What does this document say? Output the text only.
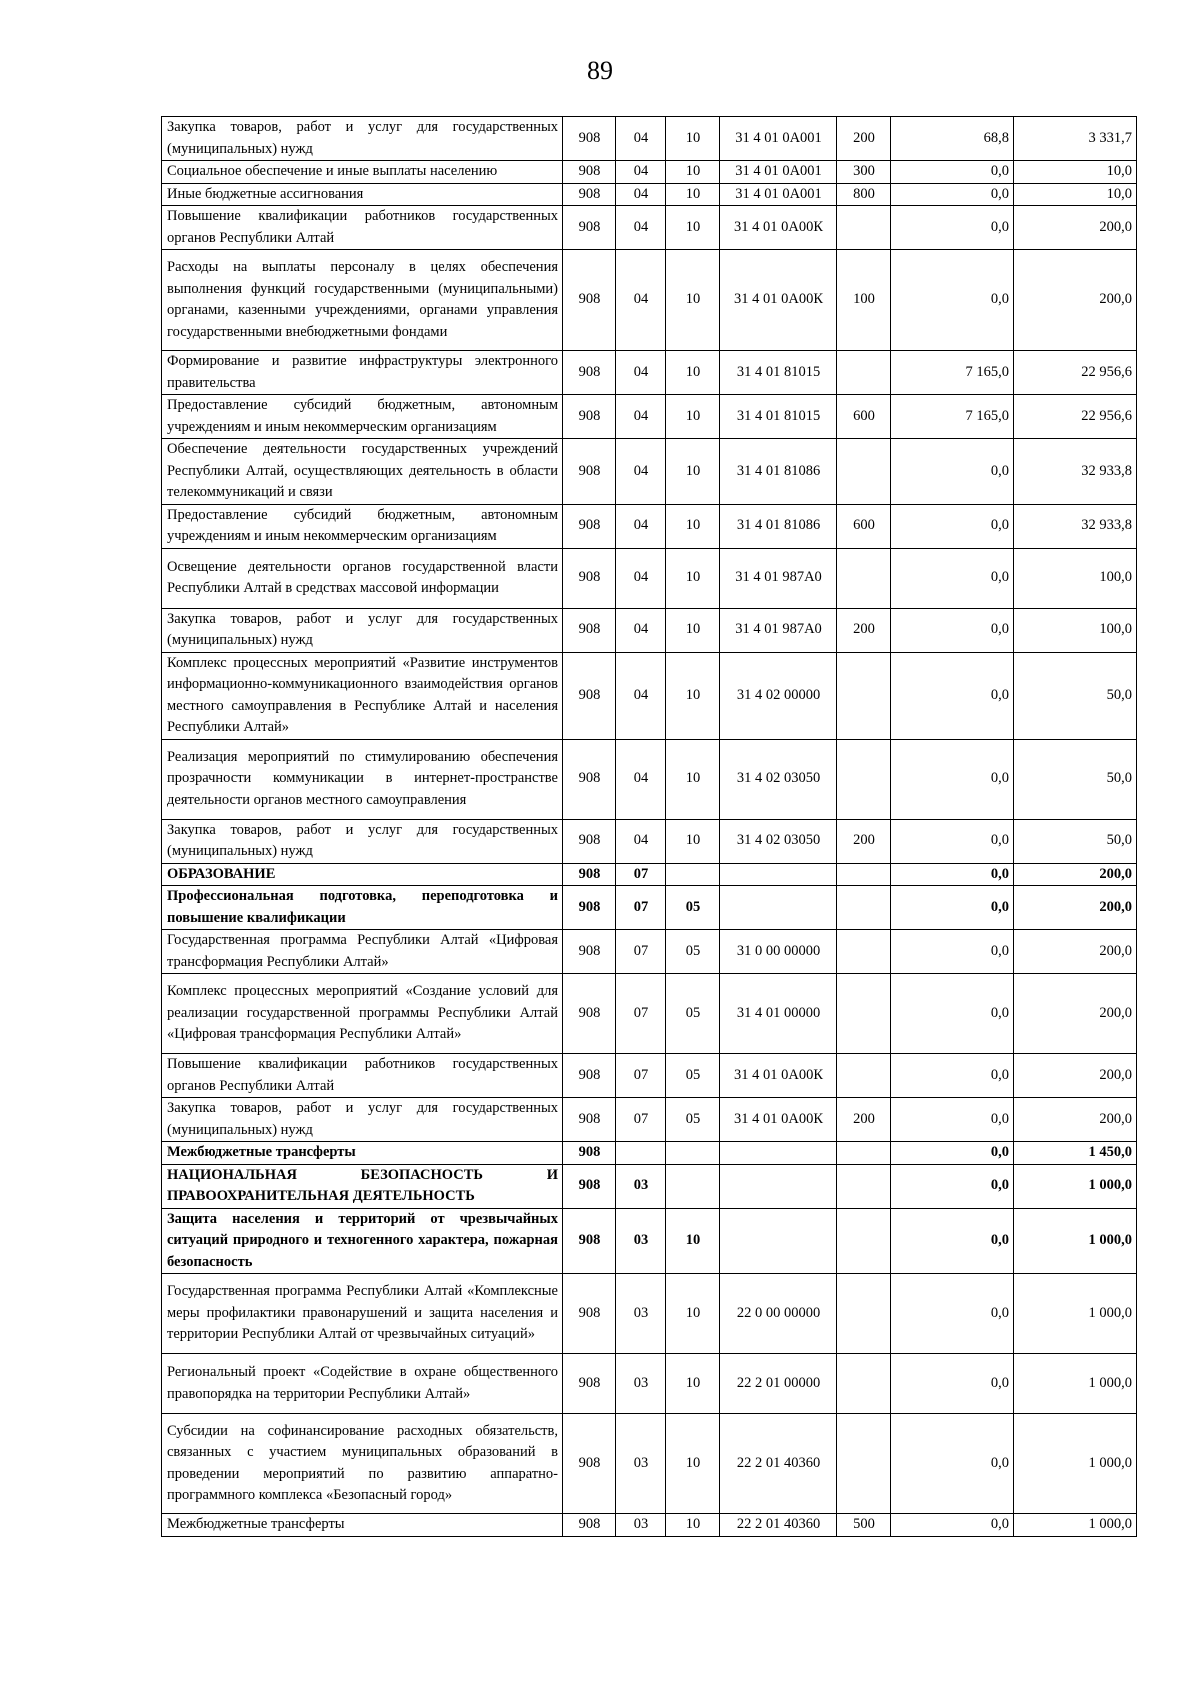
89
Закупка товаров, работ и услуг для государственных (муниципальных) нужд	908	04	10	31 4 01 0А001	200	68,8	3 331,7
Социальное обеспечение и иные выплаты населению	908	04	10	31 4 01 0А001	300	0,0	10,0
Иные бюджетные ассигнования	908	04	10	31 4 01 0А001	800	0,0	10,0
Повышение квалификации работников государственных органов Республики Алтай	908	04	10	31 4 01 0А00К		0,0	200,0
Расходы на выплаты персоналу в целях обеспечения выполнения функций государственными (муниципальными) органами, казенными учреждениями, органами управления государственными внебюджетными фондами	908	04	10	31 4 01 0А00К	100	0,0	200,0
Формирование и развитие инфраструктуры электронного правительства	908	04	10	31 4 01 81015		7 165,0	22 956,6
Предоставление субсидий бюджетным, автономным учреждениям и иным некоммерческим организациям	908	04	10	31 4 01 81015	600	7 165,0	22 956,6
Обеспечение деятельности государственных учреждений Республики Алтай, осуществляющих деятельность в области телекоммуникаций и связи	908	04	10	31 4 01 81086		0,0	32 933,8
Предоставление субсидий бюджетным, автономным учреждениям и иным некоммерческим организациям	908	04	10	31 4 01 81086	600	0,0	32 933,8
Освещение деятельности органов государственной власти Республики Алтай в средствах массовой информации	908	04	10	31 4 01 987А0		0,0	100,0
Закупка товаров, работ и услуг для государственных (муниципальных) нужд	908	04	10	31 4 01 987А0	200	0,0	100,0
Комплекс процессных мероприятий «Развитие инструментов информационно-коммуникационного взаимодействия органов местного самоуправления в Республике Алтай и населения Республики Алтай»	908	04	10	31 4 02 00000		0,0	50,0
Реализация мероприятий по стимулированию обеспечения прозрачности коммуникации в интернет-пространстве деятельности органов местного самоуправления	908	04	10	31 4 02 03050		0,0	50,0
Закупка товаров, работ и услуг для государственных (муниципальных) нужд	908	04	10	31 4 02 03050	200	0,0	50,0
ОБРАЗОВАНИЕ	908	07				0,0	200,0
Профессиональная подготовка, переподготовка и повышение квалификации	908	07	05			0,0	200,0
Государственная программа Республики Алтай «Цифровая трансформация Республики Алтай»	908	07	05	31 0 00 00000		0,0	200,0
Комплекс процессных мероприятий «Создание условий для реализации государственной программы Республики Алтай «Цифровая трансформация Республики Алтай»	908	07	05	31 4 01 00000		0,0	200,0
Повышение квалификации работников государственных органов Республики Алтай	908	07	05	31 4 01 0А00К		0,0	200,0
Закупка товаров, работ и услуг для государственных (муниципальных) нужд	908	07	05	31 4 01 0А00К	200	0,0	200,0
Межбюджетные трансферты	908					0,0	1 450,0
НАЦИОНАЛЬНАЯ БЕЗОПАСНОСТЬ И ПРАВООХРАНИТЕЛЬНАЯ ДЕЯТЕЛЬНОСТЬ	908	03				0,0	1 000,0
Защита населения и территорий от чрезвычайных ситуаций природного и техногенного характера, пожарная безопасность	908	03	10			0,0	1 000,0
Государственная программа Республики Алтай «Комплексные меры профилактики правонарушений и защита населения и территории Республики Алтай от чрезвычайных ситуаций»	908	03	10	22 0 00 00000		0,0	1 000,0
Региональный проект «Содействие в охране общественного правопорядка на территории Республики Алтай»	908	03	10	22 2 01 00000		0,0	1 000,0
Субсидии на софинансирование расходных обязательств, связанных с участием муниципальных образований в проведении мероприятий по развитию аппаратно-программного комплекса «Безопасный город»	908	03	10	22 2 01 40360		0,0	1 000,0
Межбюджетные трансферты	908	03	10	22 2 01 40360	500	0,0	1 000,0
